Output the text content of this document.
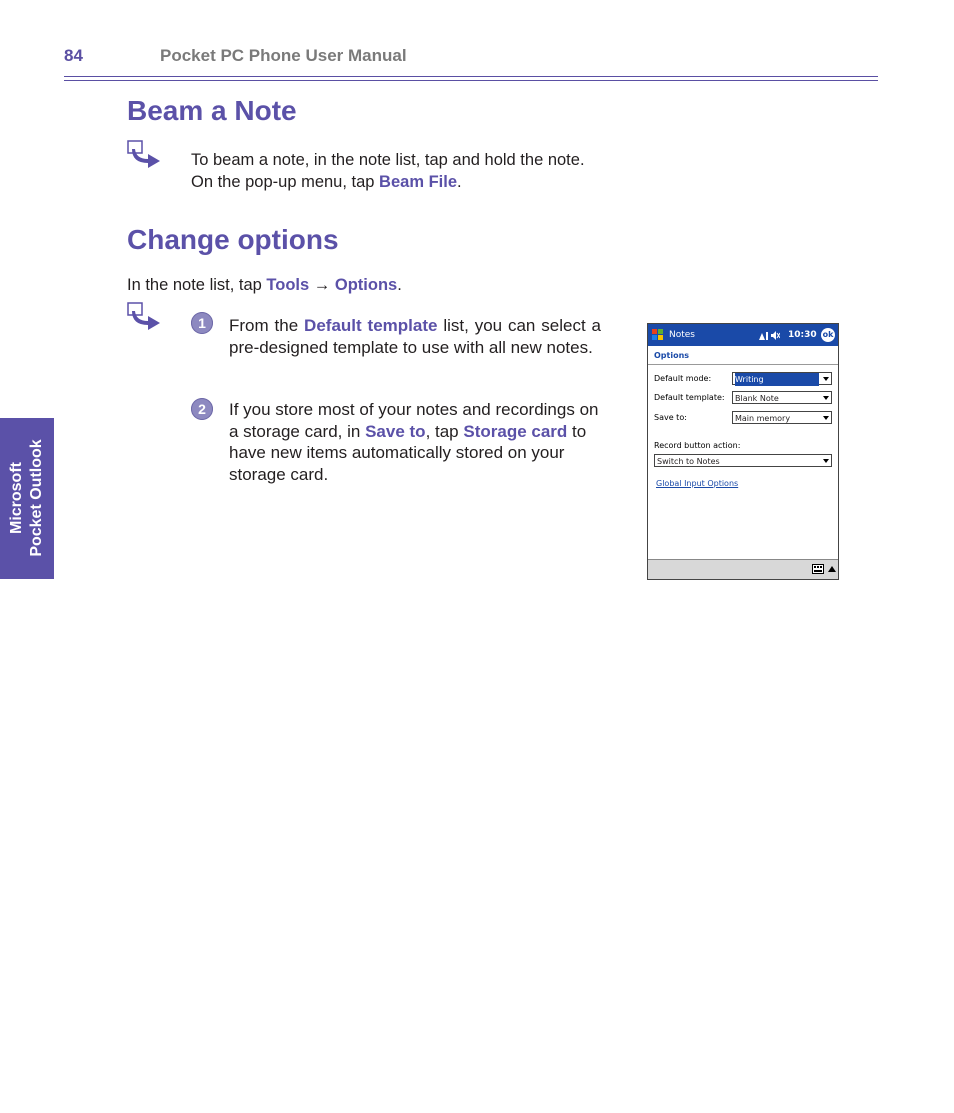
84	Pocket PC Phone User Manual
Beam a Note
To beam a note, in the note list, tap and hold the note.
On the pop-up menu, tap Beam File.
Change options
In the note list, tap Tools → Options.
1	From the Default template list, you can select a pre-designed template to use with all new notes.
2	If you store most of your notes and recordings on a storage card, in Save to, tap Storage card to have new items automatically stored on your storage card.
Microsoft Pocket Outlook
Notes	10:30 ok
Options
Default mode:	Writing
Default template:	Blank Note
Save to:	Main memory
Record button action:
Switch to Notes
Global Input Options
